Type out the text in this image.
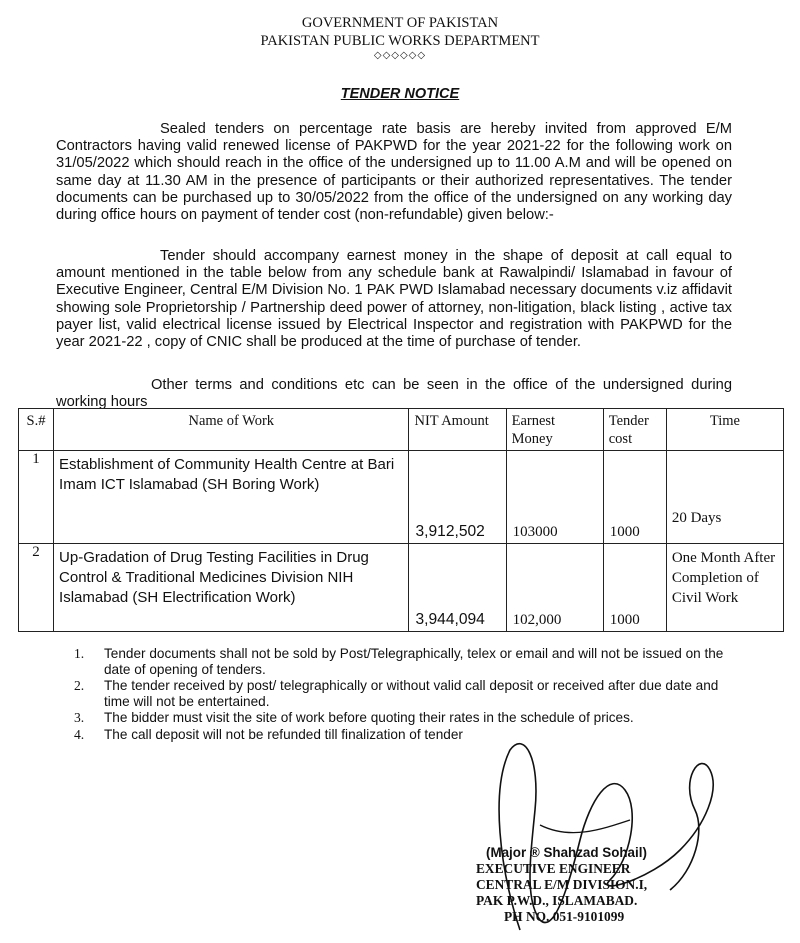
GOVERNMENT OF PAKISTAN
PAKISTAN PUBLIC WORKS DEPARTMENT
◇◇◇◇◇◇
TENDER NOTICE
Sealed tenders on percentage rate basis are hereby invited from approved E/M Contractors having valid renewed license of PAKPWD for the year 2021-22 for the following work on 31/05/2022 which should reach in the office of the undersigned up to 11.00 A.M and will be opened on same day at 11.30 AM in the presence of participants or their authorized representatives. The tender documents can be purchased up to 30/05/2022 from the office of the undersigned on any working day during office hours on payment of tender cost (non-refundable) given below:-
Tender should accompany earnest money in the shape of deposit at call equal to amount mentioned in the table below from any schedule bank at Rawalpindi/ Islamabad in favour of Executive Engineer, Central E/M Division No. 1 PAK PWD Islamabad necessary documents v.iz affidavit showing sole Proprietorship / Partnership deed power of attorney, non-litigation, black listing , active tax payer list, valid electrical license issued by Electrical Inspector and registration with PAKPWD for the year 2021-22 , copy of CNIC shall be produced at the time of purchase of tender.
Other terms and conditions etc can be seen in the office of the undersigned during working hours
S.#	Name of Work	NIT Amount	Earnest Money	Tender cost	Time
1	Establishment of Community Health Centre at Bari Imam ICT Islamabad (SH Boring Work)	3,912,502	103000	1000	20 Days
2	Up-Gradation of Drug Testing Facilities in Drug Control & Traditional Medicines Division NIH Islamabad (SH Electrification Work)	3,944,094	102,000	1000	One Month After Completion of Civil Work
1.	Tender documents shall not be sold by Post/Telegraphically, telex or email and will not be issued on the date of opening of tenders.
2.	The tender received by post/ telegraphically or without valid call deposit or received after due date and time will not be entertained.
3.	The bidder must visit the site of work before quoting their rates in the schedule of prices.
4.	The call deposit will not be refunded till finalization of tender
(Major ® Shahzad Sohail)
EXECUTIVE ENGINEER
CENTRAL E/M DIVISION.I,
PAK P.W.D., ISLAMABAD.
PH NO. 051-9101099
